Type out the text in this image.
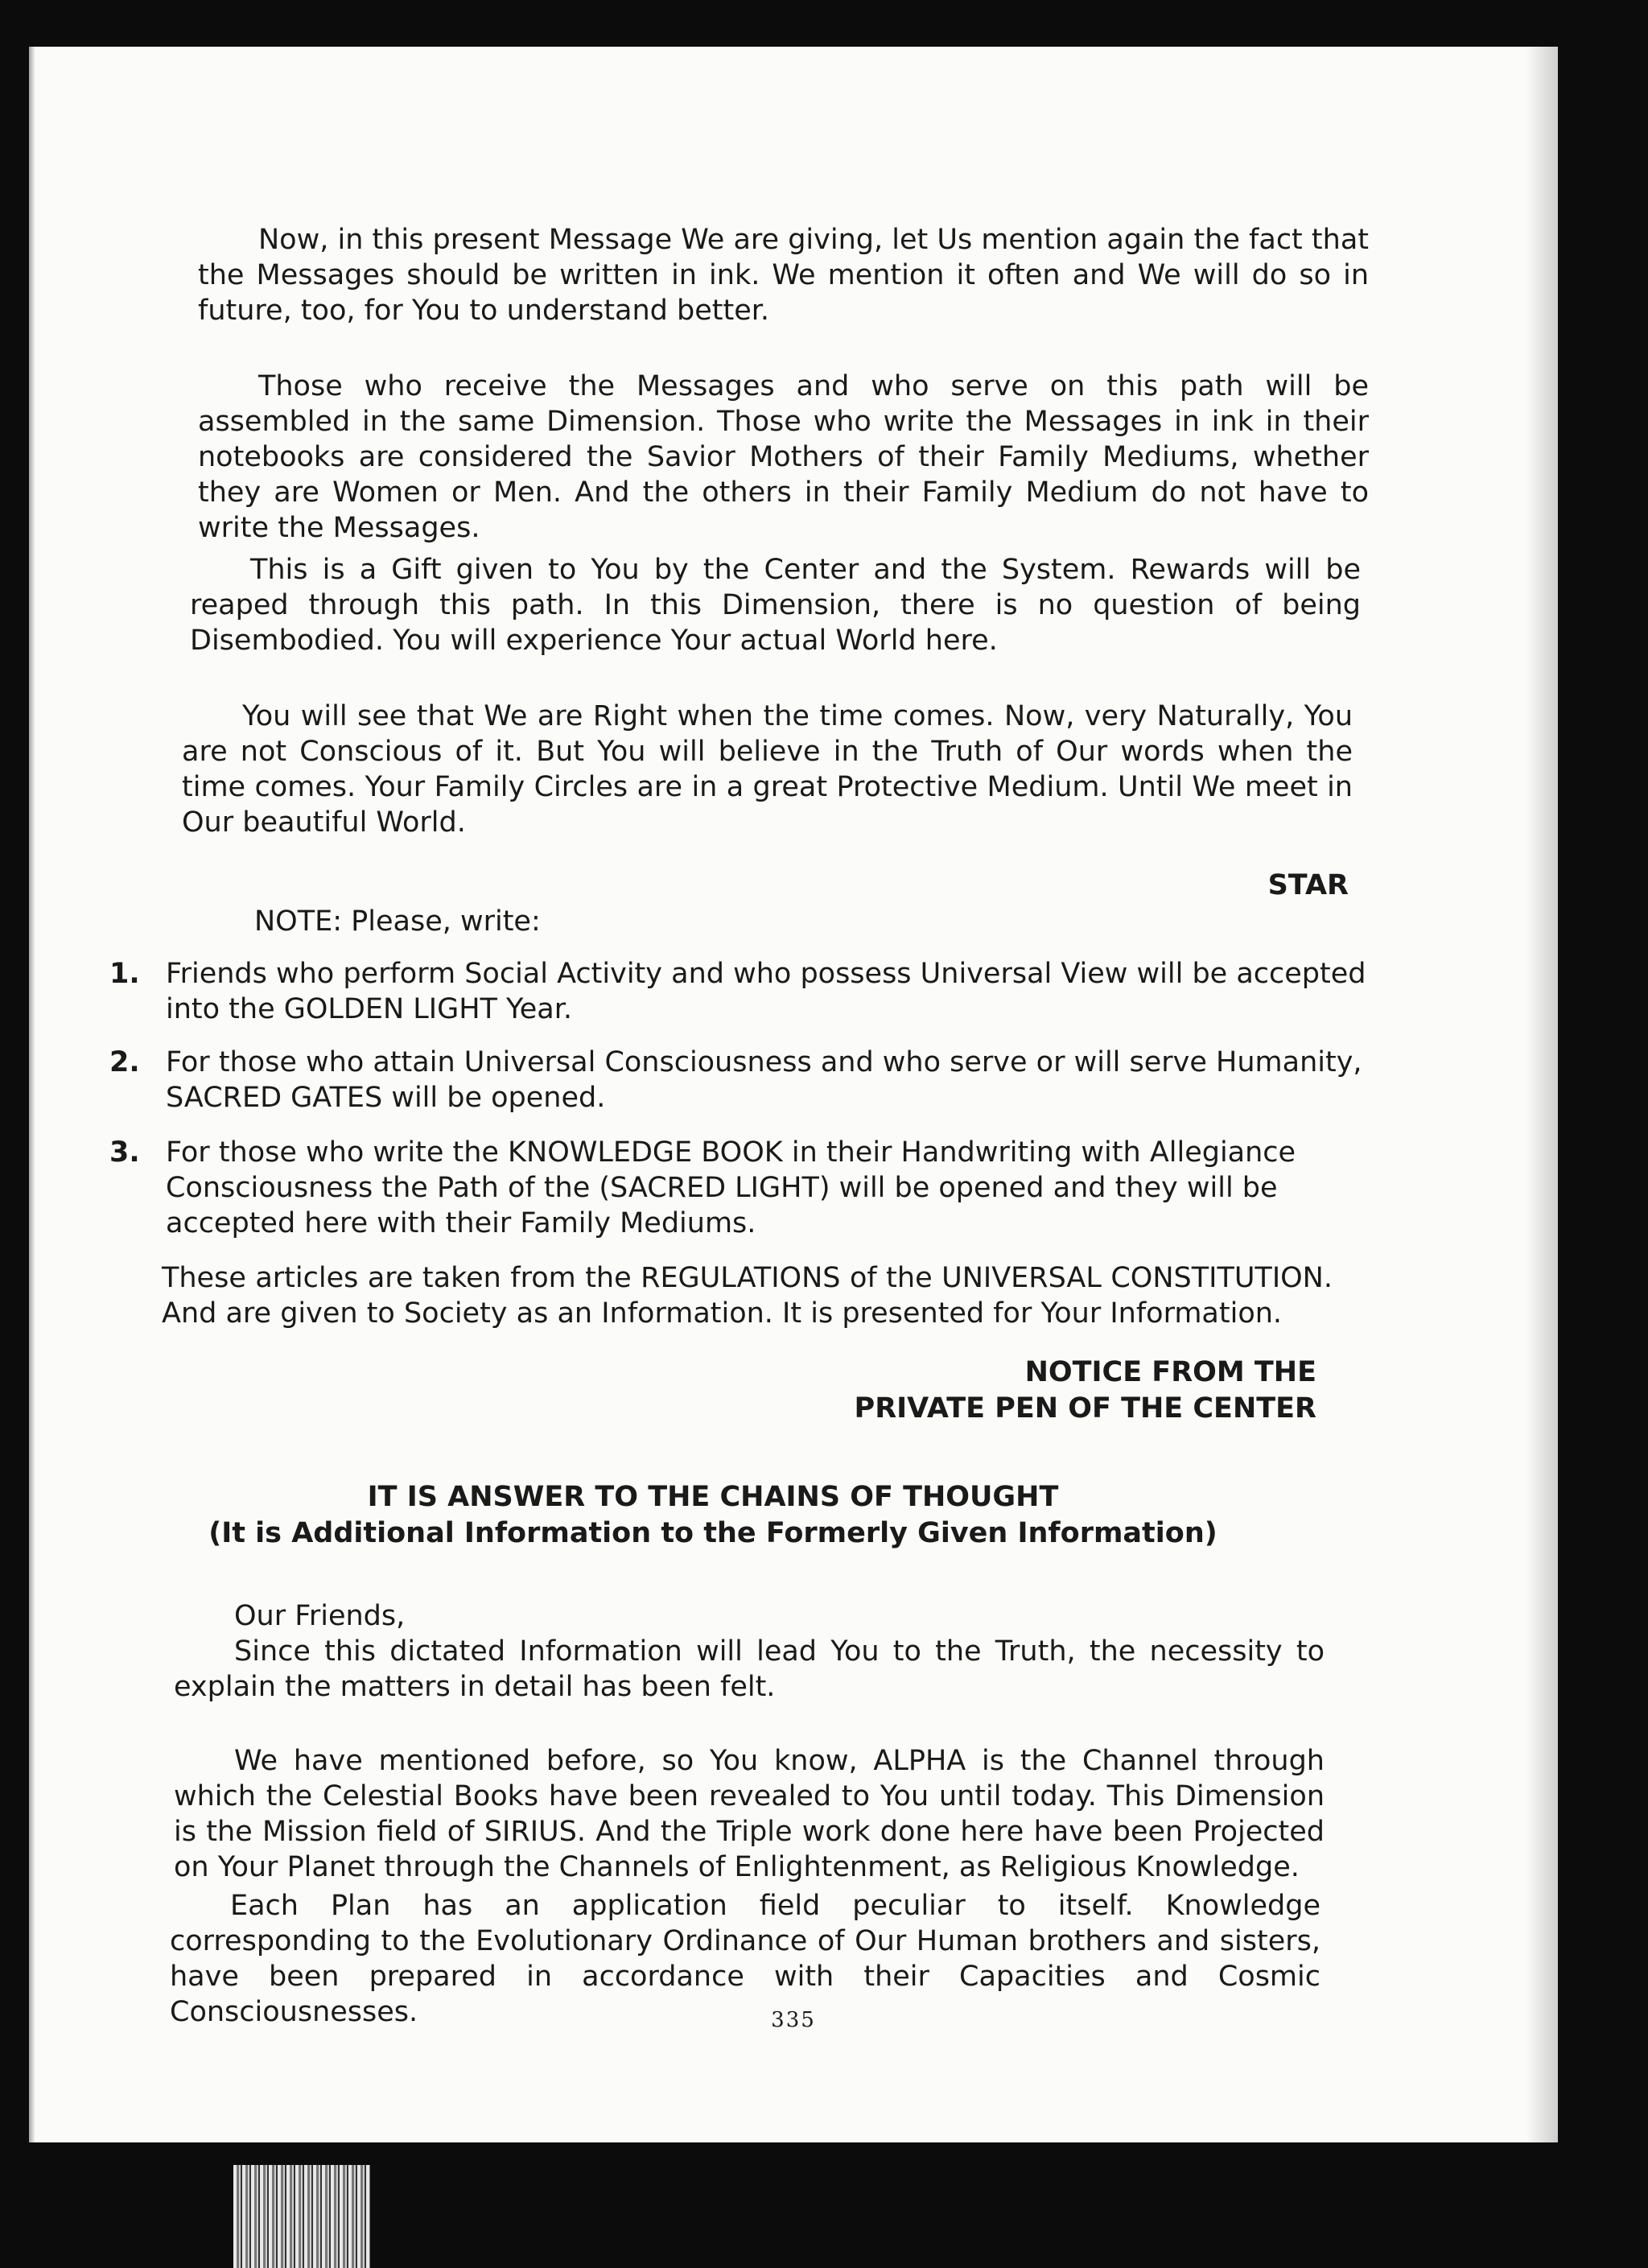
Now, in this present Message We are giving, let Us mention again the fact that the Messages should be written in ink. We mention it often and We will do so in future, too, for You to understand better.

Those who receive the Messages and who serve on this path will be assembled in the same Dimension. Those who write the Messages in ink in their notebooks are considered the Savior Mothers of their Family Mediums, whether they are Women or Men. And the others in their Family Medium do not have to write the Messages.

This is a Gift given to You by the Center and the System. Rewards will be reaped through this path. In this Dimension, there is no question of being Disembodied. You will experience Your actual World here.

You will see that We are Right when the time comes. Now, very Naturally, You are not Conscious of it. But You will believe in the Truth of Our words when the time comes. Your Family Circles are in a great Protective Medium. Until We meet in Our beautiful World.

STAR

NOTE: Please, write:

1. Friends who perform Social Activity and who possess Universal View will be accepted into the GOLDEN LIGHT Year.
2. For those who attain Universal Consciousness and who serve or will serve Humanity, SACRED GATES will be opened.
3. For those who write the KNOWLEDGE BOOK in their Handwriting with Allegiance Consciousness the Path of the (SACRED LIGHT) will be opened and they will be accepted here with their Family Mediums.

These articles are taken from the REGULATIONS of the UNIVERSAL CONSTITUTION. And are given to Society as an Information. It is presented for Your Information.

NOTICE FROM THE

PRIVATE PEN OF THE CENTER

IT IS ANSWER TO THE CHAINS OF THOUGHT

(It is Additional Information to the Formerly Given Information)

Our Friends,

Since this dictated Information will lead You to the Truth, the necessity to explain the matters in detail has been felt.

We have mentioned before, so You know, ALPHA is the Channel through which the Celestial Books have been revealed to You until today. This Dimension is the Mission field of SIRIUS. And the Triple work done here have been Projected on Your Planet through the Channels of Enlightenment, as Religious Knowledge.

Each Plan has an application field peculiar to itself. Knowledge corresponding to the Evolutionary Ordinance of Our Human brothers and sisters, have been prepared in accordance with their Capacities and Cosmic Consciousnesses.	335
